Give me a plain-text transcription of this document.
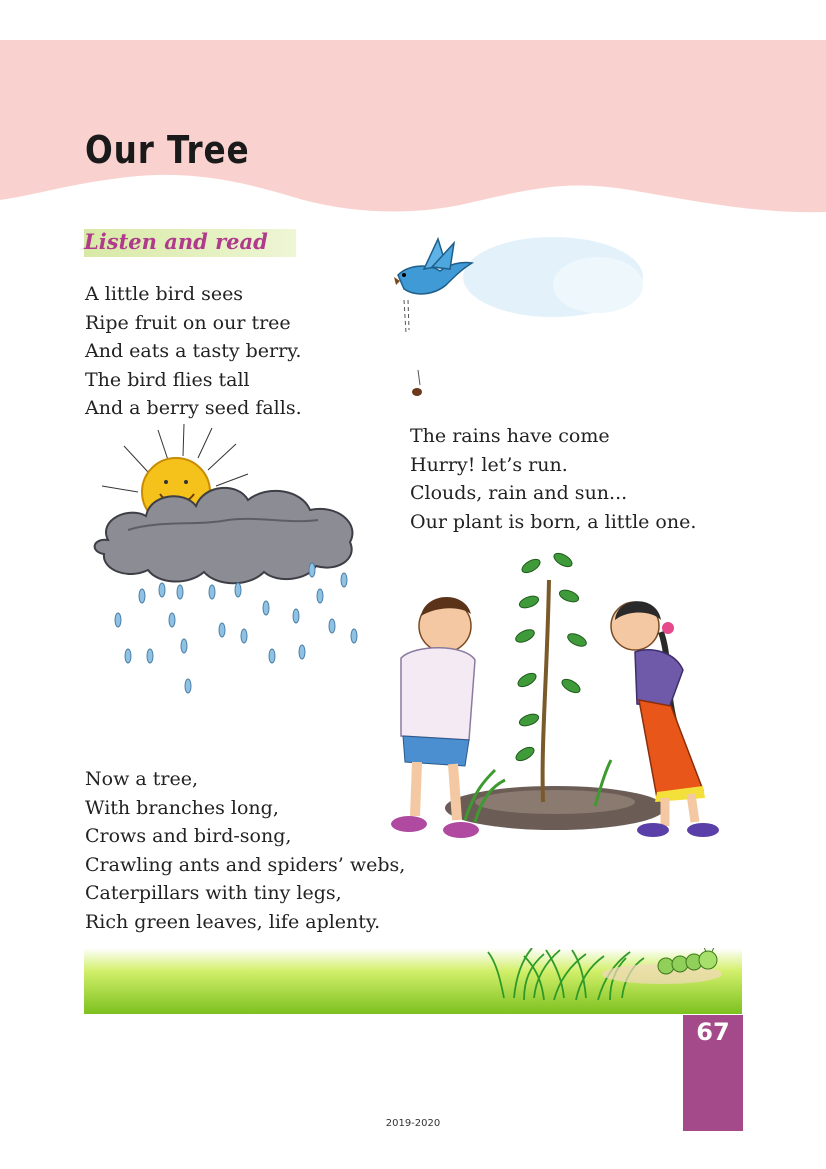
Our Tree
Listen and read
A little bird sees
Ripe fruit on our tree
And eats a tasty berry.
The bird flies tall
And a berry seed falls.
The rains have come
Hurry! let’s run.
Clouds, rain and sun...
Our plant is born, a little one.
Now a tree,
With branches long,
Crows and bird-song,
Crawling ants and spiders’ webs,
Caterpillars with tiny legs,
Rich green leaves, life aplenty.
67
2019-2020
